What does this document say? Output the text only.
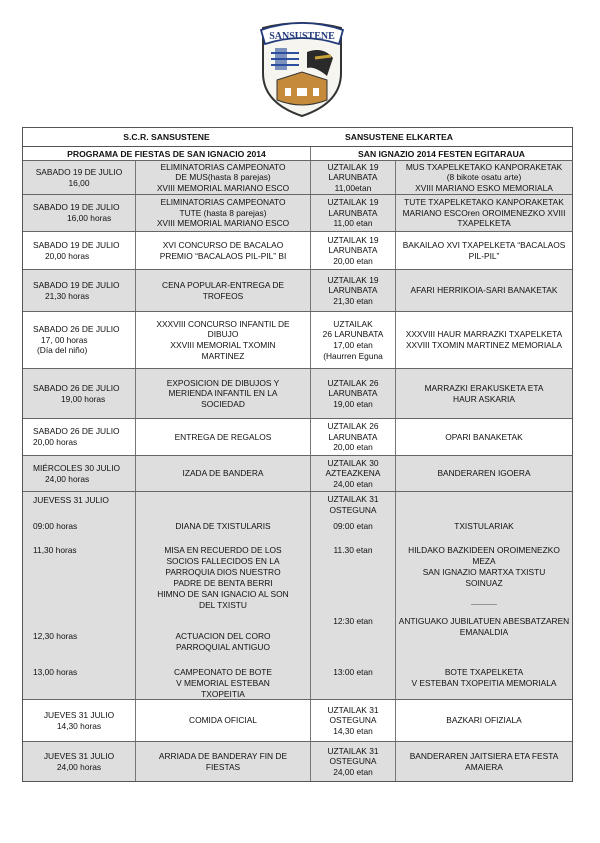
SANSUSTENE
S.C.R. SANSUSTENE	SANSUSTENE ELKARTEA
PROGRAMA DE FIESTAS DE SAN IGNACIO 2014	SAN IGNAZIO 2014 FESTEN EGITARAUA
SABADO 19 DE JULIO
16,00
ELIMINATORIAS CAMPEONATO
DE MUS(hasta 8 parejas)
XVIII MEMORIAL MARIANO ESCO
UZTAILAK 19
LARUNBATA
11,00etan
MUS TXAPELKETAKO KANPORAKETAK
(8 bikote osatu arte)
XVIII MARIANO ESKO MEMORIALA
SABADO 19 DE JULIO
16,00 horas
ELIMINATORIAS CAMPEONATO
TUTE (hasta 8 parejas)
XVIII MEMORIAL MARIANO ESCO
UZTAILAK 19
LARUNBATA
11,00 etan
TUTE TXAPELKETAKO KANPORAKETAK
MARIANO ESCOren OROIMENEZKO XVIII
TXAPELKETA
SABADO 19 DE JULIO
20,00 horas
XVI CONCURSO DE BACALAO
PREMIO “BACALAOS PIL-PIL” BI
UZTAILAK 19
LARUNBATA
20,00 etan
BAKAILAO XVI TXAPELKETA “BACALAOS
PIL-PIL”
SABADO 19 DE JULIO
21,30 horas
CENA POPULAR-ENTREGA DE
TROFEOS
UZTAILAK 19
LARUNBATA
21,30 etan
AFARI HERRIKOIA-SARI BANAKETAK
SABADO 26 DE JULIO
17, 00 horas
(Día del niño)
XXXVIII CONCURSO INFANTIL DE
DIBUJO
XXVIII MEMORIAL TXOMIN
MARTINEZ
UZTAILAK
26 LARUNBATA
17,00 etan
(Haurren Eguna
XXXVIII HAUR MARRAZKI TXAPELKETA
XXVIII TXOMIN MARTINEZ MEMORIALA
SABADO 26 DE JULIO
19,00 horas
EXPOSICION DE DIBUJOS Y
MERIENDA INFANTIL EN LA
SOCIEDAD
UZTAILAK 26
LARUNBATA
19,00 etan
MARRAZKI ERAKUSKETA ETA
HAUR ASKARIA
SABADO 26 DE JULIO
20,00 horas
ENTREGA DE REGALOS
UZTAILAK 26
LARUNBATA
20,00 etan
OPARI BANAKETAK
MIÉRCOLES 30 JULIO
24,00 horas
IZADA DE BANDERA
UZTAILAK 30
AZTEAZKENA
24,00 etan
BANDERAREN IGOERA
JUEVESS 31 JULIO
09:00 horas
11,30 horas
12,30 horas
13,00 horas
DIANA DE TXISTULARIS
MISA EN RECUERDO DE LOS
SOCIOS FALLECIDOS EN LA
PARROQUIA DIOS NUESTRO
PADRE DE BENTA BERRI
HIMNO DE SAN IGNACIO AL SON
DEL TXISTU
ACTUACION DEL CORO
PARROQUIAL ANTIGUO
CAMPEONATO DE BOTE
V MEMORIAL ESTEBAN
TXOPEITIA
UZTAILAK 31
OSTEGUNA
09:00 etan
11.30 etan
12:30 etan
13:00 etan
TXISTULARIAK
HILDAKO BAZKIDEEN OROIMENEZKO
MEZA
SAN IGNAZIO MARTXA TXISTU
SOINUAZ
-------------
ANTIGUAKO JUBILATUEN ABESBATZAREN
EMANALDIA
BOTE TXAPELKETA
V ESTEBAN TXOPEITIA MEMORIALA
JUEVES 31 JULIO
14,30 horas
COMIDA OFICIAL
UZTAILAK 31
OSTEGUNA
14,30 etan
BAZKARI OFIZIALA
JUEVES 31 JULIO
24,00 horas
ARRIADA DE BANDERAY FIN DE
FIESTAS
UZTAILAK 31
OSTEGUNA
24,00 etan
BANDERAREN JAITSIERA ETA FESTA
AMAIERA
